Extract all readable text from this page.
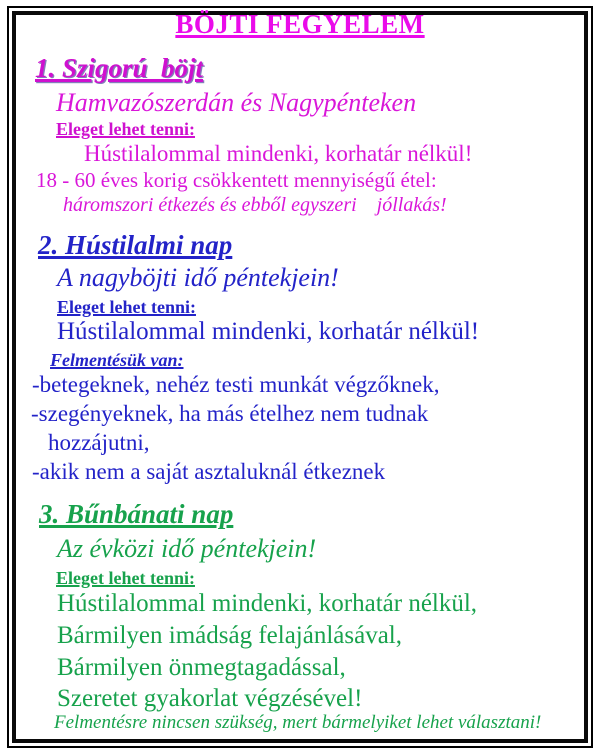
BÖJTI FEGYELEM
1. Szigorú  böjt
Hamvazószerdán és Nagypénteken
Eleget lehet tenni:
Hústilalommal mindenki, korhatár nélkül!
18 - 60 éves korig csökkentett mennyiségű étel:
háromszori étkezés és ebből egyszeri    jóllakás!
2. Hústilalmi nap
A nagyböjti idő péntekjein!
Eleget lehet tenni:
Hústilalommal mindenki, korhatár nélkül!
Felmentésük van:
-betegeknek, nehéz testi munkát végzőknek,
-szegényeknek, ha más ételhez nem tudnak
hozzájutni,
-akik nem a saját asztaluknál étkeznek
3. Bűnbánati nap
Az évközi idő péntekjein!
Eleget lehet tenni:
Hústilalommal mindenki, korhatár nélkül,
Bármilyen imádság felajánlásával,
Bármilyen önmegtagadással,
Szeretet gyakorlat végzésével!
Felmentésre nincsen szükség, mert bármelyiket lehet választani!
